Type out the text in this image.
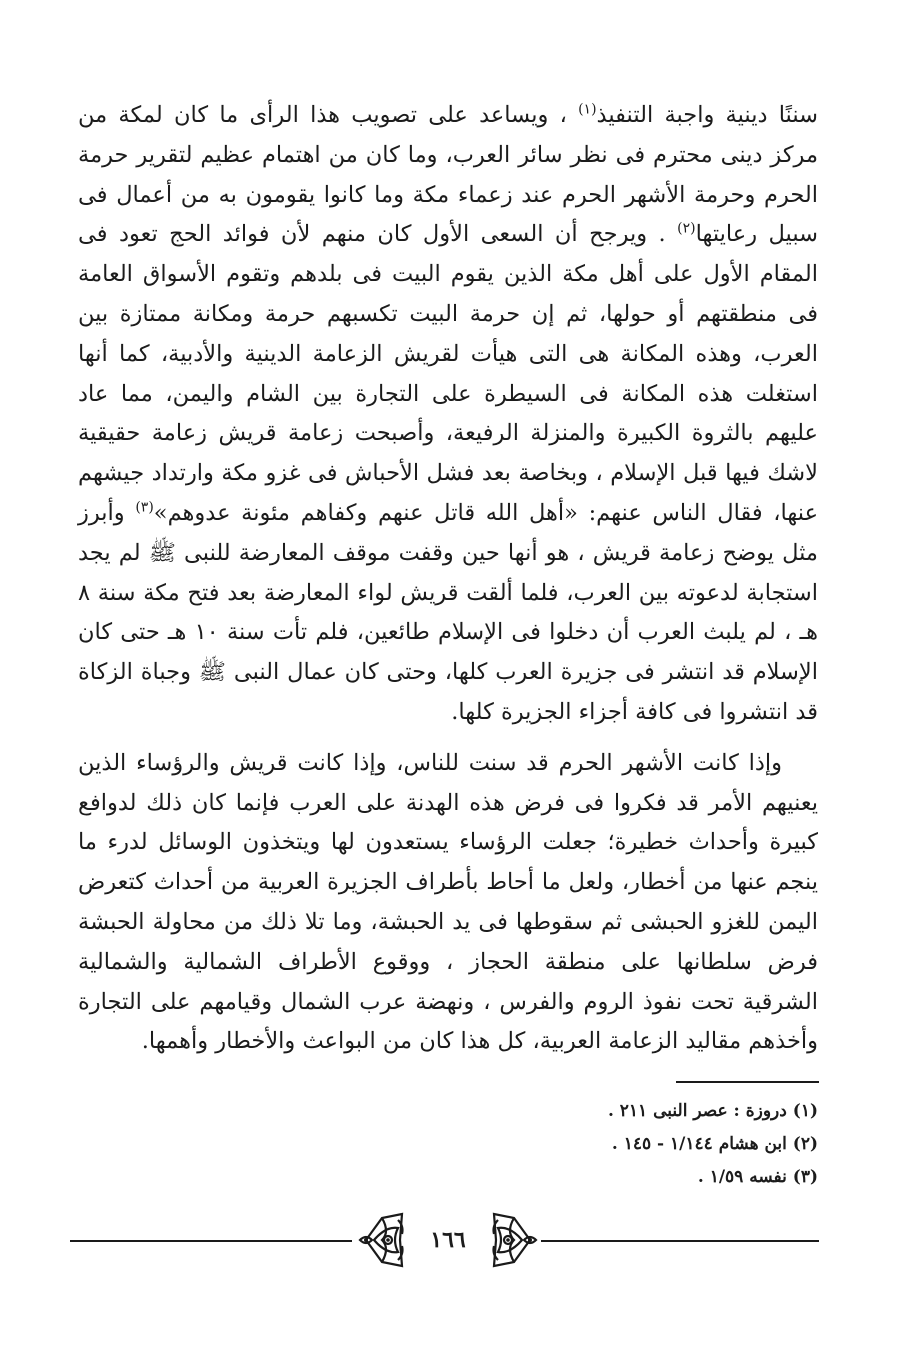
سننًا دينية واجبة التنفيذ$^{(١)}$ ، ويساعد على تصويب هذا الرأى ما كان لمكة من مركز دينى محترم فى نظر سائر العرب، وما كان من اهتمام عظيم لتقرير حرمة الحرم وحرمة الأشهر الحرم عند زعماء مكة وما كانوا يقومون به من أعمال فى سبيل رعايتها$^{(٢)}$ . ويرجح أن السعى الأول كان منهم لأن فوائد الحج تعود فى المقام الأول على أهل مكة الذين يقوم البيت فى بلدهم وتقوم الأسواق العامة فى منطقتهم أو حولها، ثم إن حرمة البيت تكسبهم حرمة ومكانة ممتازة بين العرب، وهذه المكانة هى التى هيأت لقريش الزعامة الدينية والأدبية، كما أنها استغلت هذه المكانة فى السيطرة على التجارة بين الشام واليمن، مما عاد عليهم بالثروة الكبيرة والمنزلة الرفيعة، وأصبحت زعامة قريش زعامة حقيقية لاشك فيها قبل الإسلام ، وبخاصة بعد فشل الأحباش فى غزو مكة وارتداد جيشهم عنها، فقال الناس عنهم: «أهل الله قاتل عنهم وكفاهم مئونة عدوهم»$^{(٣)}$ وأبرز مثل يوضح زعامة قريش ، هو أنها حين وقفت موقف المعارضة للنبى ﷺ لم يجد استجابة لدعوته بين العرب، فلما ألقت قريش لواء المعارضة بعد فتح مكة سنة ٨ هـ ، لم يلبث العرب أن دخلوا فى الإسلام طائعين، فلم تأت سنة ١٠ هـ حتى كان الإسلام قد انتشر فى جزيرة العرب كلها، وحتى كان عمال النبى ﷺ وجباة الزكاة قد انتشروا فى كافة أجزاء الجزيرة كلها.

وإذا كانت الأشهر الحرم قد سنت للناس، وإذا كانت قريش والرؤساء الذين يعنيهم الأمر قد فكروا فى فرض هذه الهدنة على العرب فإنما كان ذلك لدوافع كبيرة وأحداث خطيرة؛ جعلت الرؤساء يستعدون لها ويتخذون الوسائل لدرء ما ينجم عنها من أخطار، ولعل ما أحاط بأطراف الجزيرة العربية من أحداث كتعرض اليمن للغزو الحبشى ثم سقوطها فى يد الحبشة، وما تلا ذلك من محاولة الحبشة فرض سلطانها على منطقة الحجاز ، ووقوع الأطراف الشمالية والشمالية الشرقية تحت نفوذ الروم والفرس ، ونهضة عرب الشمال وقيامهم على التجارة وأخذهم مقاليد الزعامة العربية، كل هذا كان من البواعث والأخطار وأهمها.

(١) دروزة : عصر النبى ٢١١ .

(٢) ابن هشام ١/١٤٤ - ١٤٥ .

(٣) نفسه ١/٥٩ .

١٦٦
